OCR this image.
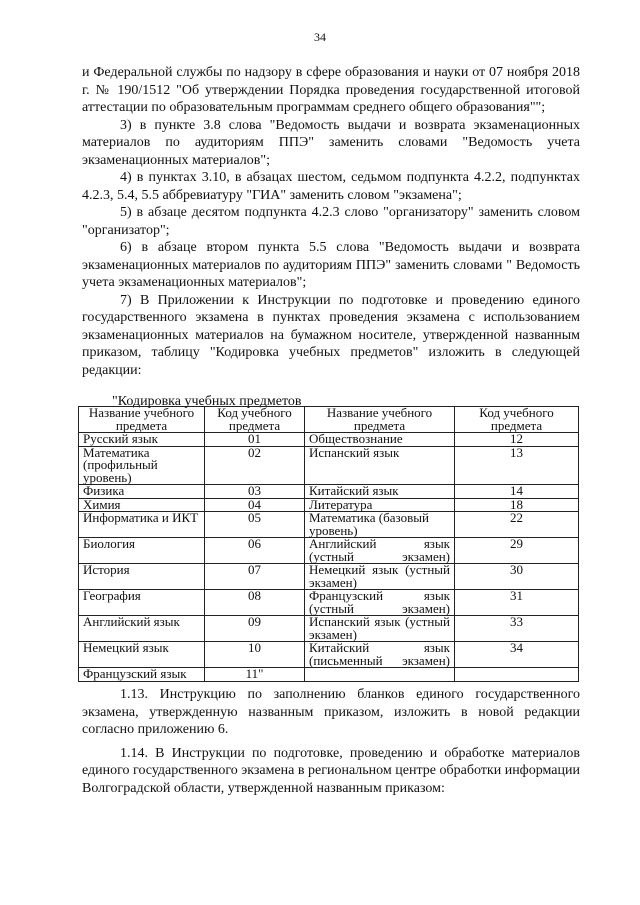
34

и Федеральной службы по надзору в сфере образования и науки от 07 ноября 2018 г. № 190/1512 "Об утверждении Порядка проведения государственной итоговой аттестации по образовательным программам среднего общего образования"";

3) в пункте 3.8 слова "Ведомость выдачи и возврата экзаменационных материалов по аудиториям ППЭ" заменить словами "Ведомость учета экзаменационных материалов";

4) в пунктах 3.10, в абзацах шестом, седьмом подпункта 4.2.2, подпунктах 4.2.3, 5.4, 5.5 аббревиатуру "ГИА" заменить словом "экзамена";

5) в абзаце десятом подпункта 4.2.3 слово "организатору" заменить словом "организатор";

6) в абзаце втором пункта 5.5 слова "Ведомость выдачи и возврата экзаменационных материалов по аудиториям ППЭ" заменить словами " Ведомость учета экзаменационных материалов";

7) В Приложении к Инструкции по подготовке и проведению единого государственного экзамена в пунктах проведения экзамена с использованием экзаменационных материалов на бумажном носителе, утвержденной названным приказом, таблицу "Кодировка учебных предметов" изложить в следующей редакции:

"Кодировка учебных предметов
Название учебного предмета	Код учебного предмета	Название учебного предмета	Код учебного предмета
Русский язык	01	Обществознание	12
Математика (профильный уровень)	02	Испанский язык	13
Физика	03	Китайский язык	14
Химия	04	Литература	18
Информатика и ИКТ	05	Математика (базовый уровень)	22
Биология	06	Английский язык (устный экзамен)	29
История	07	Немецкий язык (устный экзамен)	30
География	08	Французский язык (устный экзамен)	31
Английский язык	09	Испанский язык (устный экзамен)	33
Немецкий язык	10	Китайский язык (письменный экзамен)	34
Французский язык	11"		

1.13. Инструкцию по заполнению бланков единого государственного экзамена, утвержденную названным приказом, изложить в новой редакции согласно приложению 6.

1.14. В Инструкции по подготовке, проведению и обработке материалов единого государственного экзамена в региональном центре обработки информации Волгоградской области, утвержденной названным приказом:
